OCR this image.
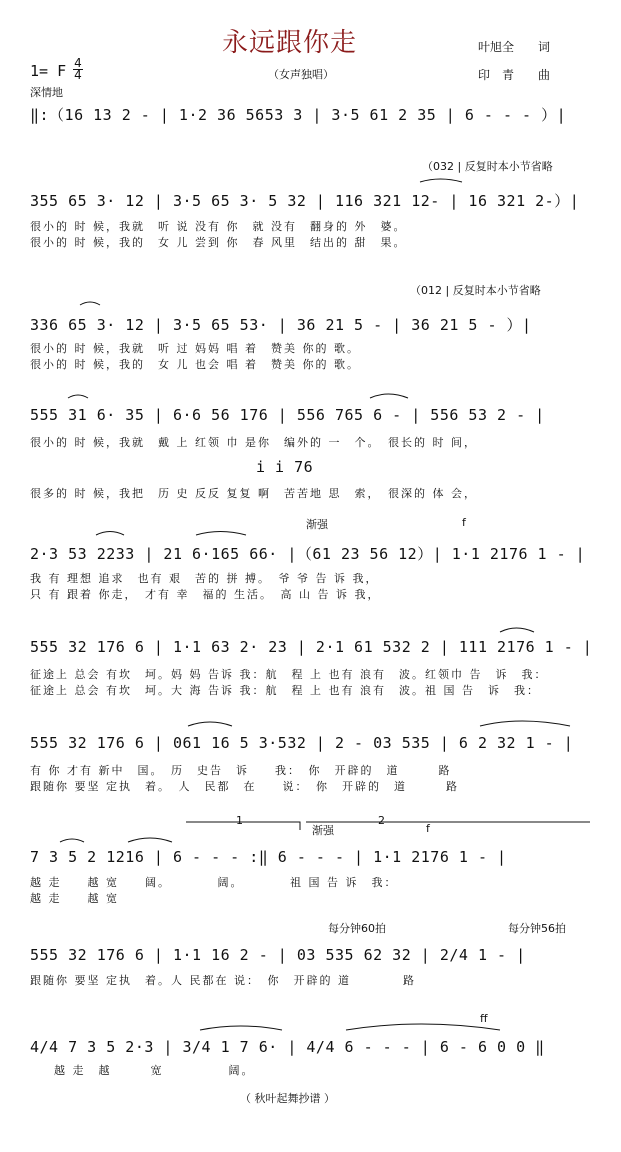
永远跟你走	叶旭全　　词
（女声独唱）	印　青　　曲
1= F 4
4
深情地
‖:（16 13 2 - | 1·2 36 5653 3 | 3·5 61 2 35 | 6 - - - ）|
（032 | 反复时本小节省略
355 65 3· 12 | 3·5 65 3· 5 32 | 116 321 12- | 16 321 2-）|
很小的 时 候，我就　听 说 没有 你　就 没有　翻身的 外　婆。
很小的 时 候，我的　女 儿 尝到 你　春 风里　结出的 甜　果。
（012 | 反复时本小节省略
336 65 3· 12 | 3·5 65 53· | 36 21 5 - | 36 21 5 - ）|
很小的 时 候，我就　听 过 妈妈 唱 着　赞美 你的 歌。
很小的 时 候，我的　女 儿 也会 唱 着　赞美 你的 歌。
555 31 6· 35 | 6·6 56 176 | 556 765 6 - | 556 53 2 - |
很小的 时 候，我就　戴 上 红领 巾 是你　编外的 一　个。　很长的 时 间，
i i 76
很多的 时 候，我把　历 史 反反 复复 啊　苦苦地 思　索，　很深的 体 会，
渐强	f
2·3 53 2233 | 21 6·165 66· |（61 23 56 12）| 1·1 2176 1 - |
我 有 理想 追求　也有 艰　苦的 拼 搏。　爷 爷 告 诉 我，
只 有 跟着 你走，　才有 幸　福的 生活。　高 山 告 诉 我，
555 32 176 6 | 1·1 63 2· 23 | 2·1 61 532 2 | 111 2176 1 - |
征途上 总会 有坎　坷。妈 妈 告诉 我：航　程 上 也有 浪有　波。红领巾 告　诉　我：
征途上 总会 有坎　坷。大 海 告诉 我：航　程 上 也有 浪有　波。祖 国 告　诉　我：
555 32 176 6 | 061 16 5 3·532 | 2 - 03 535 | 6 2 32 1 - |
有 你 才有 新中　国。　历　史告　诉　　我：　你　开辟的　道　　　路
跟随你 要坚 定执　着。　人　民都　在　　说：　你　开辟的　道　　　路
1	2
渐强	f
7 3 5 2 1216 | 6 - - - :‖ 6 - - - | 1·1 2176 1 - |
越 走　　越 宽　　阔。　　　　阔。　　　　祖 国 告 诉　我：
越 走　　越 宽
每分钟60拍	每分钟56拍
555 32 176 6 | 1·1 16 2 - | 03 535 62 32 | 2/4 1 - |
跟随你 要坚 定执　着。人 民都在 说：　你　开辟的 道　　　　路
ff
4/4 7 3 5 2·3 | 3/4 1 7 6· | 4/4 6 - - - | 6 - 6 0 0 ‖
越 走　越　　　宽　　　　　阔。
（ 秋叶起舞抄谱 ）
